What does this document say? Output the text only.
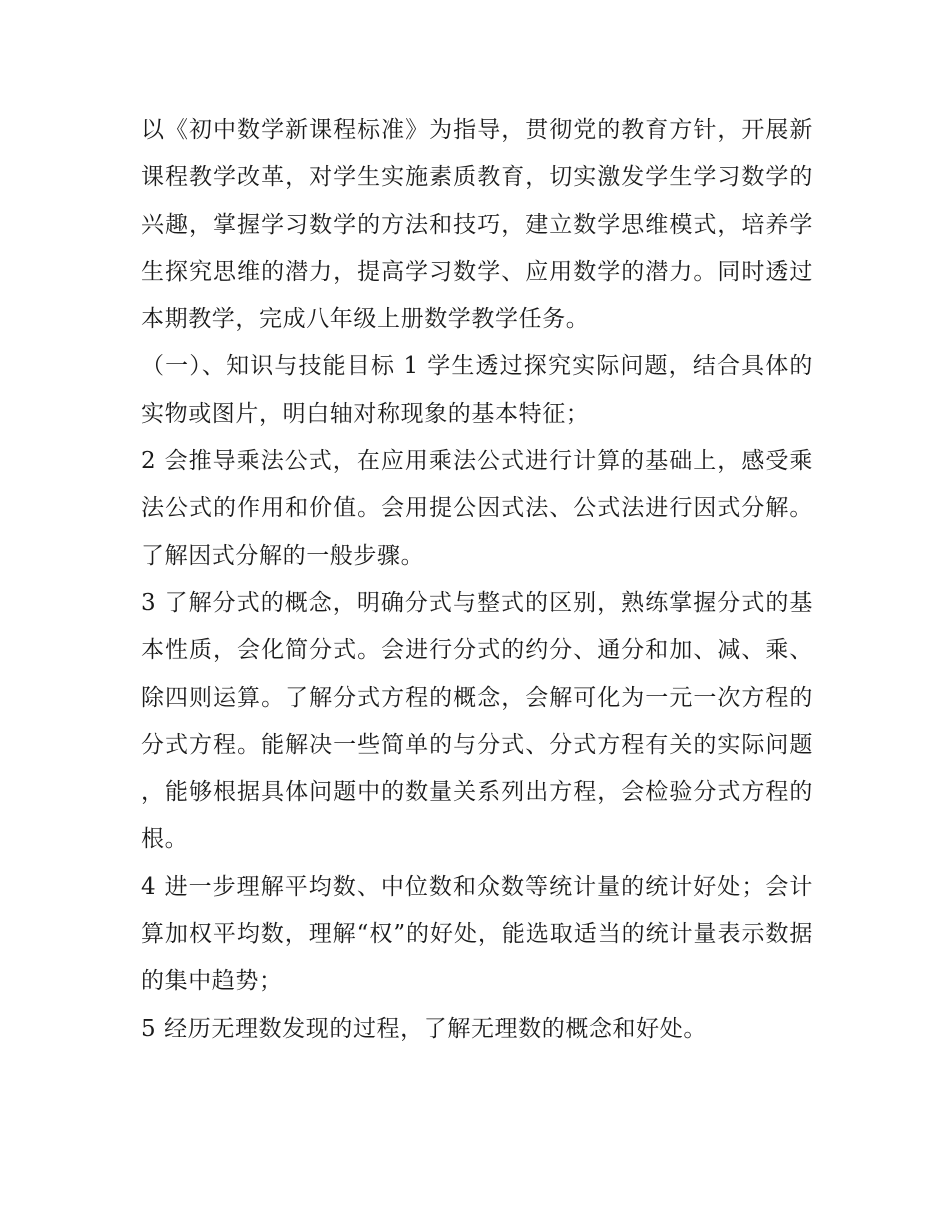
以《初中数学新课程标准》为指导，贯彻党的教育方针，开展新课程教学改革，对学生实施素质教育，切实激发学生学习数学的兴趣，掌握学习数学的方法和技巧，建立数学思维模式，培养学生探究思维的潜力，提高学习数学、应用数学的潜力。同时透过本期教学，完成八年级上册数学教学任务。

（一）、知识与技能目标 1 学生透过探究实际问题，结合具体的实物或图片，明白轴对称现象的基本特征；

2 会推导乘法公式，在应用乘法公式进行计算的基础上，感受乘法公式的作用和价值。会用提公因式法、公式法进行因式分解。了解因式分解的一般步骤。

3 了解分式的概念，明确分式与整式的区别，熟练掌握分式的基本性质，会化简分式。会进行分式的约分、通分和加、减、乘、除四则运算。了解分式方程的概念，会解可化为一元一次方程的分式方程。能解决一些简单的与分式、分式方程有关的实际问题，能够根据具体问题中的数量关系列出方程，会检验分式方程的根。

4 进一步理解平均数、中位数和众数等统计量的统计好处；会计算加权平均数，理解“权”的好处，能选取适当的统计量表示数据的集中趋势；

5 经历无理数发现的过程，了解无理数的概念和好处。
